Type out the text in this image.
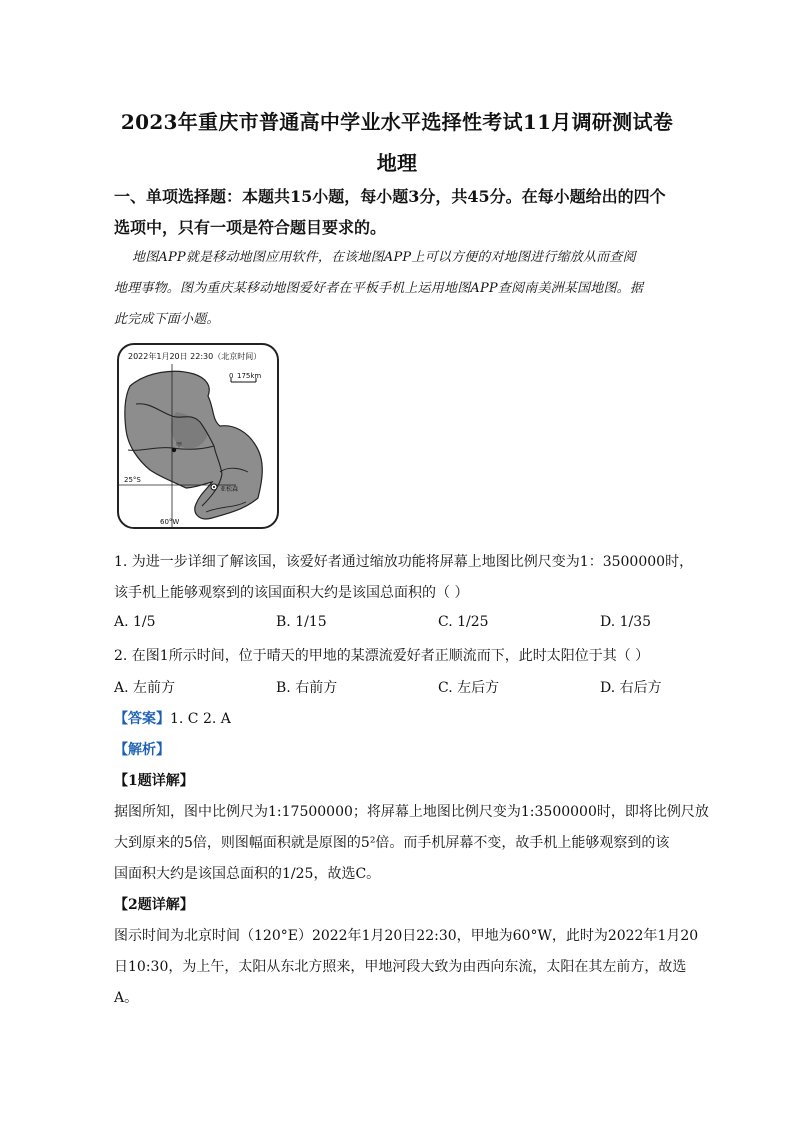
2023年重庆市普通高中学业水平选择性考试11月调研测试卷
地理
一、单项选择题：本题共15小题，每小题3分，共45分。在每小题给出的四个
选项中，只有一项是符合题目要求的。
地图APP就是移动地图应用软件，在该地图APP上可以方便的对地图进行缩放从而查阅
地理事物。图为重庆某移动地图爱好者在平板手机上运用地图APP查阅南美洲某国地图。据
此完成下面小题。
2022年1月20日 22:30（北京时间）
0 175km
甲
亚松森
25°S
60°W
1. 为进一步详细了解该国，该爱好者通过缩放功能将屏幕上地图比例尺变为1：3500000时，
该手机上能够观察到的该国面积大约是该国总面积的（ ）
A. 1/5	B. 1/15	C. 1/25	D. 1/35
2. 在图1所示时间，位于晴天的甲地的某漂流爱好者正顺流而下，此时太阳位于其（ ）
A. 左前方	B. 右前方	C. 左后方	D. 右后方
【答案】1. C 2. A
【解析】
【1题详解】
据图所知，图中比例尺为1:17500000；将屏幕上地图比例尺变为1:3500000时，即将比例尺放
大到原来的5倍，则图幅面积就是原图的5²倍。而手机屏幕不变，故手机上能够观察到的该
国面积大约是该国总面积的1/25，故选C。
【2题详解】
图示时间为北京时间（120°E）2022年1月20日22:30，甲地为60°W，此时为2022年1月20
日10:30，为上午，太阳从东北方照来，甲地河段大致为由西向东流，太阳在其左前方，故选
A。
